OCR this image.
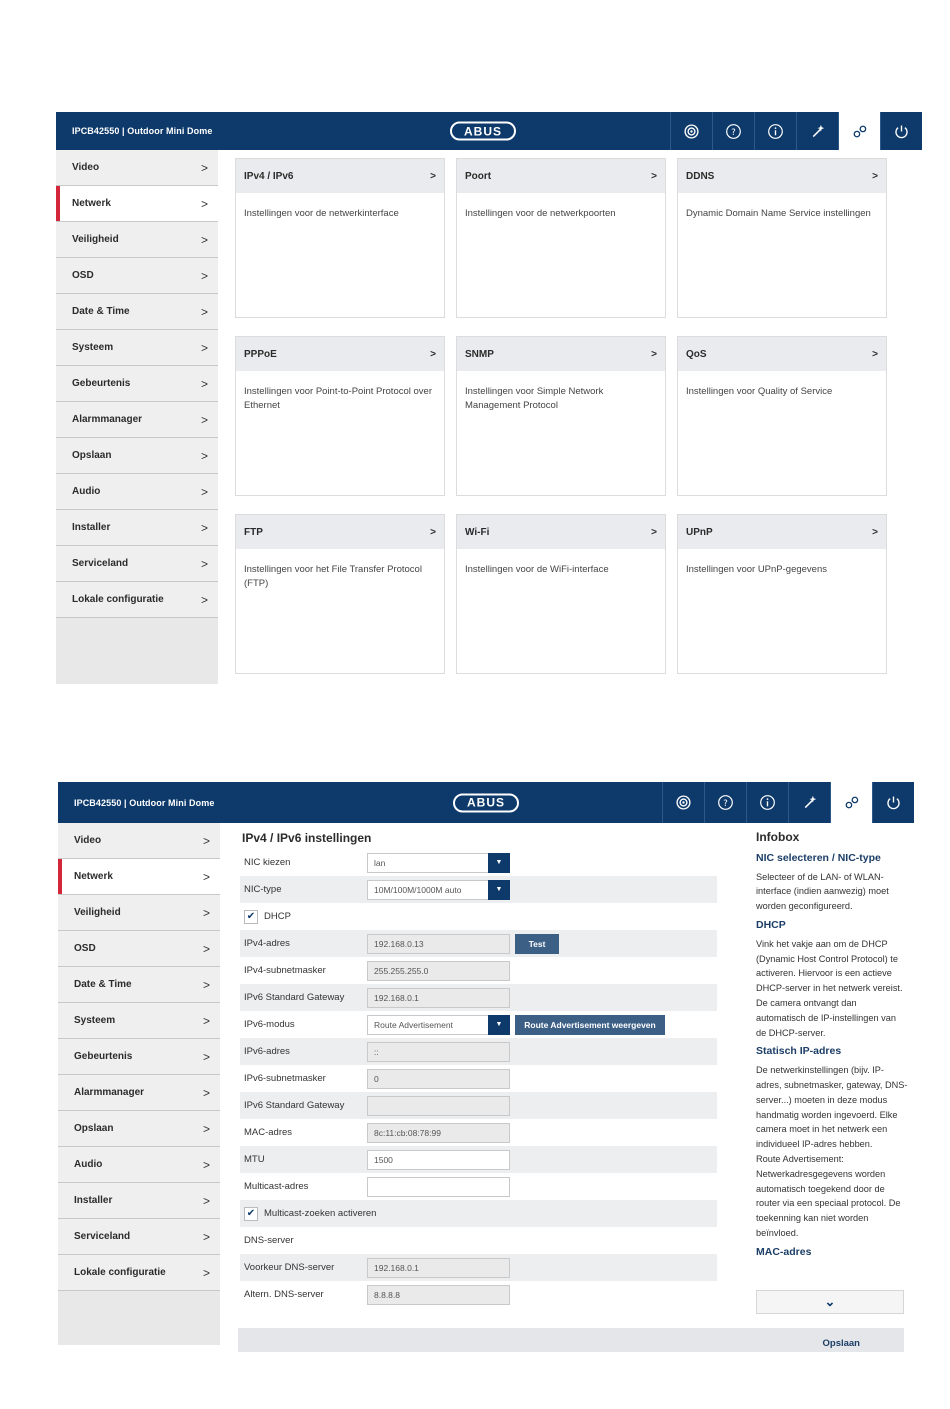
IPCB42550 | Outdoor Mini Dome	ABUS	?
Video	>
Netwerk	>
Veiligheid	>
OSD	>
Date & Time	>
Systeem	>
Gebeurtenis	>
Alarmmanager	>
Opslaan	>
Audio	>
Installer	>
Serviceland	>
Lokale configuratie	>
IPv4 / IPv6	>
Instellingen voor de netwerkinterface
Poort	>
Instellingen voor de netwerkpoorten
DDNS	>
Dynamic Domain Name Service instellingen
PPPoE	>
Instellingen voor Point-to-Point Protocol over Ethernet
SNMP	>
Instellingen voor Simple Network Management Protocol
QoS	>
Instellingen voor Quality of Service
FTP	>
Instellingen voor het File Transfer Protocol (FTP)
Wi-Fi	>
Instellingen voor de WiFi-interface
UPnP	>
Instellingen voor UPnP-gegevens
IPCB42550 | Outdoor Mini Dome	ABUS	?
Video	>
Netwerk	>
Veiligheid	>
OSD	>
Date & Time	>
Systeem	>
Gebeurtenis	>
Alarmmanager	>
Opslaan	>
Audio	>
Installer	>
Serviceland	>
Lokale configuratie	>
IPv4 / IPv6 instellingen
NIC kiezen	lan	▼
NIC-type	10M/100M/1000M auto	▼
✔ DHCP
IPv4-adres	192.168.0.13	Test
IPv4-subnetmasker	255.255.255.0
IPv6 Standard Gateway	192.168.0.1
IPv6-modus	Route Advertisement	▼	Route Advertisement weergeven
IPv6-adres	::
IPv6-subnetmasker	0
IPv6 Standard Gateway
MAC-adres	8c:11:cb:08:78:99
MTU	1500
Multicast-adres
✔ Multicast-zoeken activeren
DNS-server
Voorkeur DNS-server	192.168.0.1
Altern. DNS-server	8.8.8.8
Infobox
NIC selecteren / NIC-type

Selecteer of de LAN- of WLAN-interface (indien aanwezig) moet worden geconfigureerd.

DHCP

Vink het vakje aan om de DHCP (Dynamic Host Control Protocol) te activeren. Hiervoor is een actieve DHCP-server in het netwerk vereist. De camera ontvangt dan automatisch de IP-instellingen van de DHCP-server.

Statisch IP-adres

De netwerkinstellingen (bijv. IP-adres, subnetmasker, gateway, DNS-server...) moeten in deze modus handmatig worden ingevoerd. Elke camera moet in het netwerk een individueel IP-adres hebben.

Route Advertisement: Netwerkadresgegevens worden automatisch toegekend door de router via een speciaal protocol. De toekenning kan niet worden beïnvloed.

MAC-adres
⌄
Opslaan
